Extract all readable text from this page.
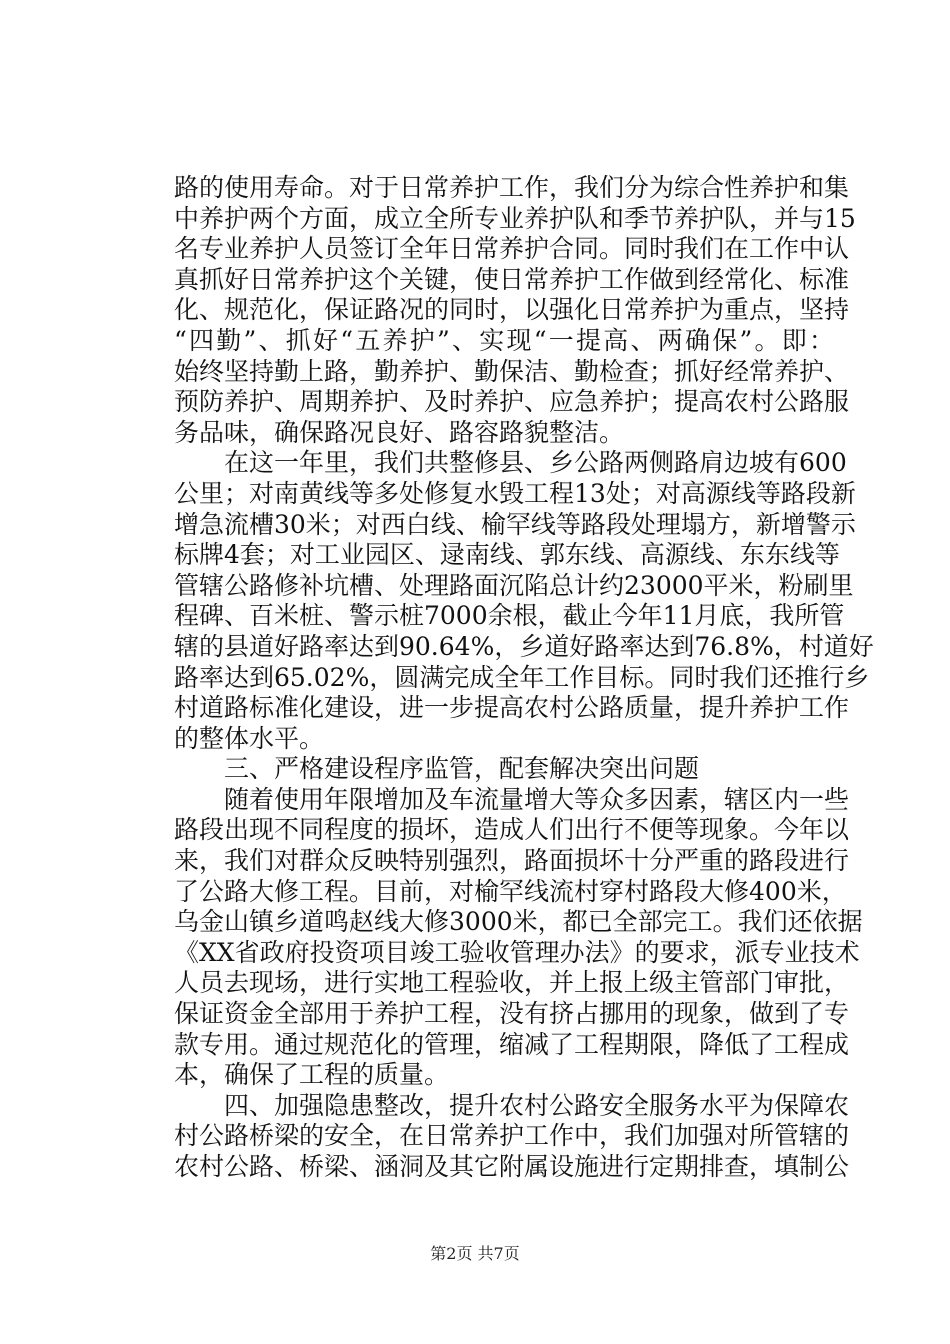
路的使用寿命。对于日常养护工作，我们分为综合性养护和集
中养护两个方面，成立全所专业养护队和季节养护队，并与15
名专业养护人员签订全年日常养护合同。同时我们在工作中认
真抓好日常养护这个关键，使日常养护工作做到经常化、标准
化、规范化，保证路况的同时，以强化日常养护为重点，坚持
“四勤”、抓好“五养护”、实现“一提高、两确保”。即：
始终坚持勤上路，勤养护、勤保洁、勤检查；抓好经常养护、
预防养护、周期养护、及时养护、应急养护；提高农村公路服
务品味，确保路况良好、路容路貌整洁。
　　在这一年里，我们共整修县、乡公路两侧路肩边坡有600
公里；对南黄线等多处修复水毁工程13处；对高源线等路段新
增急流槽30米；对西白线、榆罕线等路段处理塌方，新增警示
标牌4套；对工业园区、逯南线、郭东线、高源线、东东线等
管辖公路修补坑槽、处理路面沉陷总计约23000平米，粉刷里
程碑、百米桩、警示桩7000余根，截止今年11月底，我所管
辖的县道好路率达到90.64%，乡道好路率达到76.8%，村道好
路率达到65.02%，圆满完成全年工作目标。同时我们还推行乡
村道路标准化建设，进一步提高农村公路质量，提升养护工作
的整体水平。
　　三、严格建设程序监管，配套解决突出问题
　　随着使用年限增加及车流量增大等众多因素，辖区内一些
路段出现不同程度的损坏，造成人们出行不便等现象。今年以
来，我们对群众反映特别强烈，路面损坏十分严重的路段进行
了公路大修工程。目前，对榆罕线流村穿村路段大修400米，
乌金山镇乡道鸣赵线大修3000米，都已全部完工。我们还依据
《XX省政府投资项目竣工验收管理办法》的要求，派专业技术
人员去现场，进行实地工程验收，并上报上级主管部门审批，
保证资金全部用于养护工程，没有挤占挪用的现象，做到了专
款专用。通过规范化的管理，缩减了工程期限，降低了工程成
本，确保了工程的质量。
　　四、加强隐患整改，提升农村公路安全服务水平为保障农
村公路桥梁的安全，在日常养护工作中，我们加强对所管辖的
农村公路、桥梁、涵洞及其它附属设施进行定期排查，填制公
第2页 共7页
